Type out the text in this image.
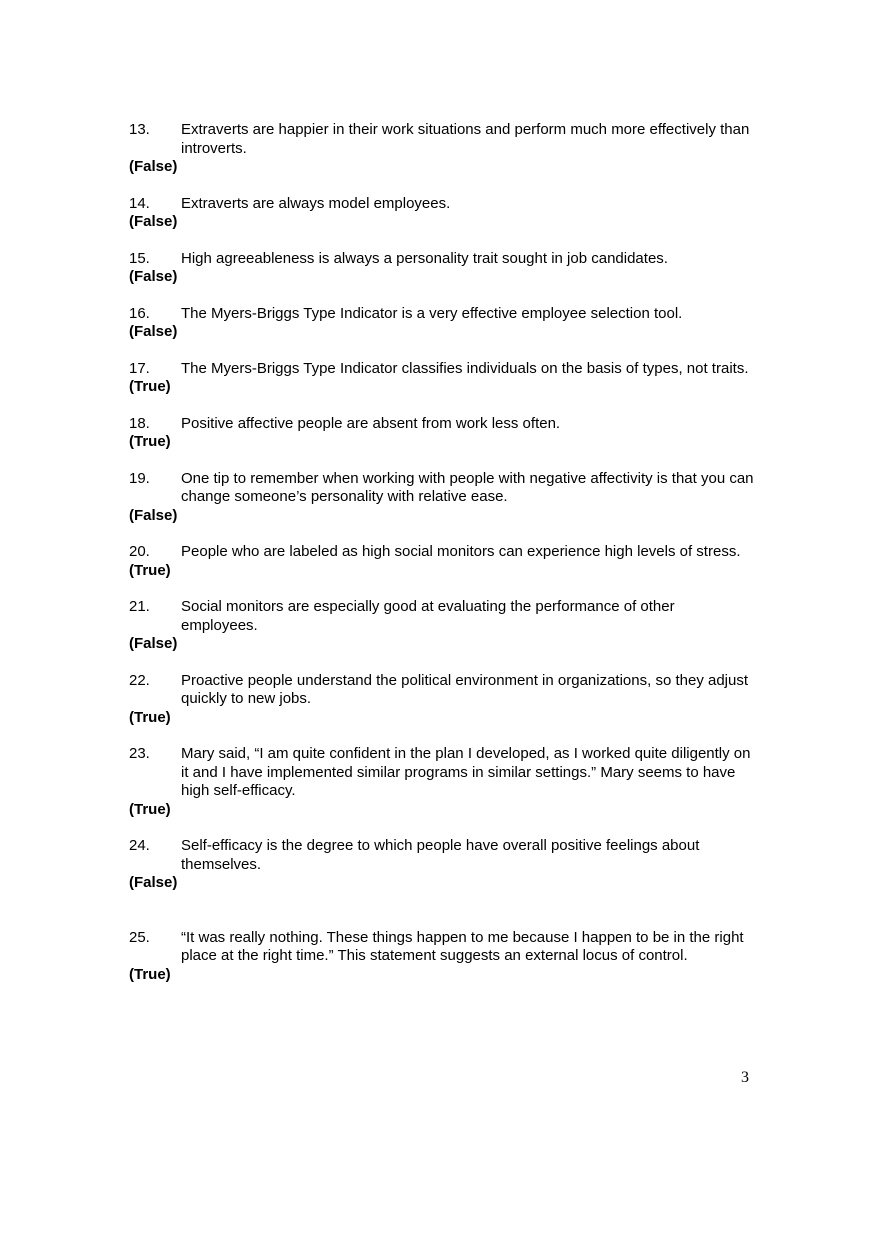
13.	Extraverts are happier in their work situations and perform much more effectively than introverts.
(False)
14.	Extraverts are always model employees.
(False)
15.	High agreeableness is always a personality trait sought in job candidates.
(False)
16.	The Myers-Briggs Type Indicator is a very effective employee selection tool.
(False)
17.	The Myers-Briggs Type Indicator classifies individuals on the basis of types, not traits.
(True)
18.	Positive affective people are absent from work less often.
(True)
19.	One tip to remember when working with people with negative affectivity is that you can change someone’s personality with relative ease.
(False)
20.	People who are labeled as high social monitors can experience high levels of stress.
(True)
21.	Social monitors are especially good at evaluating the performance of other employees.
(False)
22.	Proactive people understand the political environment in organizations, so they adjust quickly to new jobs.
(True)
23.	Mary said, “I am quite confident in the plan I developed, as I worked quite diligently on it and I have implemented similar programs in similar settings.” Mary seems to have high self-efficacy.
(True)
24.	Self-efficacy is the degree to which people have overall positive feelings about themselves.
(False)
25.	“It was really nothing. These things happen to me because I happen to be in the right place at the right time.” This statement suggests an external locus of control.
(True)
3
